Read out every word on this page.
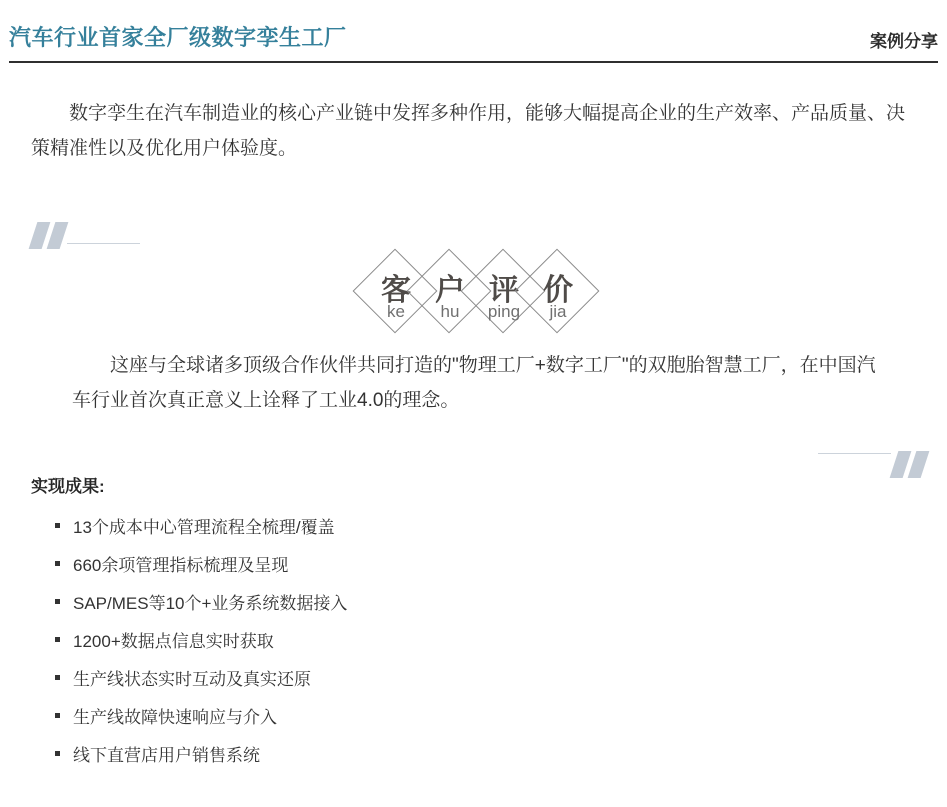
汽车行业首家全厂级数字孪生工厂	案例分享

数字孪生在汽车制造业的核心产业链中发挥多种作用，能够大幅提高企业的生产效率、产品质量、决策精准性以及优化用户体验度。

客
ke
户
hu
评
ping
价
jia

这座与全球诸多顶级合作伙伴共同打造的"物理工厂+数字工厂"的双胞胎智慧工厂，在中国汽车行业首次真正意义上诠释了工业4.0的理念。

实现成果:
13个成本中心管理流程全梳理/覆盖
660余项管理指标梳理及呈现
SAP/MES等10个+业务系统数据接入
1200+数据点信息实时获取
生产线状态实时互动及真实还原
生产线故障快速响应与介入
线下直营店用户销售系统
